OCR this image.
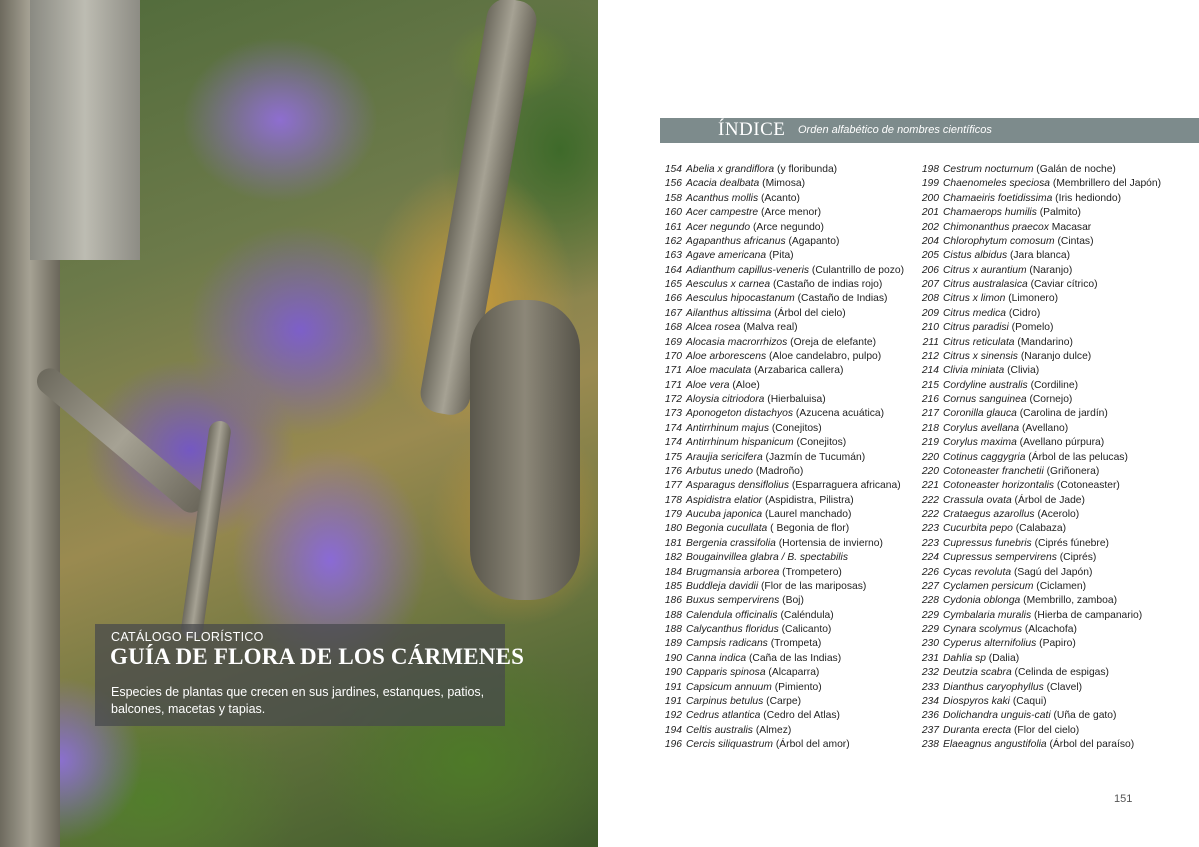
CATÁLOGO FLORÍSTICO
GUÍA DE FLORA DE LOS CÁRMENES
Especies de plantas que crecen en sus jardines, estanques, patios, balcones, macetas y tapias.
ÍNDICE Orden alfabético de nombres científicos
154 Abelia x grandiflora (y floribunda)
156 Acacia dealbata (Mimosa)
158 Acanthus mollis (Acanto)
160 Acer campestre (Arce menor)
161 Acer negundo (Arce negundo)
162 Agapanthus africanus (Agapanto)
163 Agave americana (Pita)
164 Adianthum capillus-veneris (Culantrillo de pozo)
165 Aesculus x carnea (Castaño de indias rojo)
166 Aesculus hipocastanum (Castaño de Indias)
167 Ailanthus altissima (Árbol del cielo)
168 Alcea rosea (Malva real)
169 Alocasia macrorrhizos (Oreja de elefante)
170 Aloe arborescens (Aloe candelabro, pulpo)
171 Aloe maculata (Arzabarica callera)
171 Aloe vera (Aloe)
172 Aloysia citriodora (Hierbaluisa)
173 Aponogeton distachyos (Azucena acuática)
174 Antirrhinum majus (Conejitos)
174 Antirrhinum hispanicum (Conejitos)
175 Araujia sericifera (Jazmín de Tucumán)
176 Arbutus unedo (Madroño)
177 Asparagus densiflolius (Esparraguera africana)
178 Aspidistra elatior (Aspidistra, Pilistra)
179 Aucuba japonica (Laurel manchado)
180 Begonia cucullata ( Begonia de flor)
181 Bergenia crassifolia (Hortensia de invierno)
182 Bougainvillea glabra / B. spectabilis
184 Brugmansia arborea (Trompetero)
185 Buddleja davidii (Flor de las mariposas)
186 Buxus sempervirens (Boj)
188 Calendula officinalis (Caléndula)
188 Calycanthus floridus (Calicanto)
189 Campsis radicans (Trompeta)
190 Canna indica (Caña de las Indias)
190 Capparis spinosa (Alcaparra)
191 Capsicum annuum (Pimiento)
191 Carpinus betulus (Carpe)
192 Cedrus atlantica (Cedro del Atlas)
194 Celtis australis (Almez)
196 Cercis siliquastrum (Árbol del amor)
198 Cestrum nocturnum (Galán de noche)
199 Chaenomeles speciosa (Membrillero del Japón)
200 Chamaeiris foetidissima (Iris hediondo)
201 Chamaerops humilis (Palmito)
202 Chimonanthus praecox Macasar
204 Chlorophytum comosum (Cintas)
205 Cistus albidus (Jara blanca)
206 Citrus x aurantium (Naranjo)
207 Citrus australasica (Caviar cítrico)
208 Citrus x limon (Limonero)
209 Citrus medica (Cidro)
210 Citrus paradisi (Pomelo)
211 Citrus reticulata (Mandarino)
212 Citrus x sinensis (Naranjo dulce)
214 Clivia miniata (Clivia)
215 Cordyline australis (Cordiline)
216 Cornus sanguinea (Cornejo)
217 Coronilla glauca (Carolina de jardín)
218 Corylus avellana (Avellano)
219 Corylus maxima (Avellano púrpura)
220 Cotinus caggygria (Árbol de las pelucas)
220 Cotoneaster franchetii (Griñonera)
221 Cotoneaster horizontalis (Cotoneaster)
222 Crassula ovata (Árbol de Jade)
222 Crataegus azarollus (Acerolo)
223 Cucurbita pepo (Calabaza)
223 Cupressus funebris (Ciprés fúnebre)
224 Cupressus sempervirens (Ciprés)
226 Cycas revoluta (Sagú del Japón)
227 Cyclamen persicum (Ciclamen)
228 Cydonia oblonga (Membrillo, zamboa)
229 Cymbalaria muralis (Hierba de campanario)
229 Cynara scolymus (Alcachofa)
230 Cyperus alternifolius (Papiro)
231 Dahlia sp (Dalia)
232 Deutzia scabra (Celinda de espigas)
233 Dianthus caryophyllus (Clavel)
234 Diospyros kaki (Caqui)
236 Dolichandra unguis-cati (Uña de gato)
237 Duranta erecta (Flor del cielo)
238 Elaeagnus angustifolia (Árbol del paraíso)
151
